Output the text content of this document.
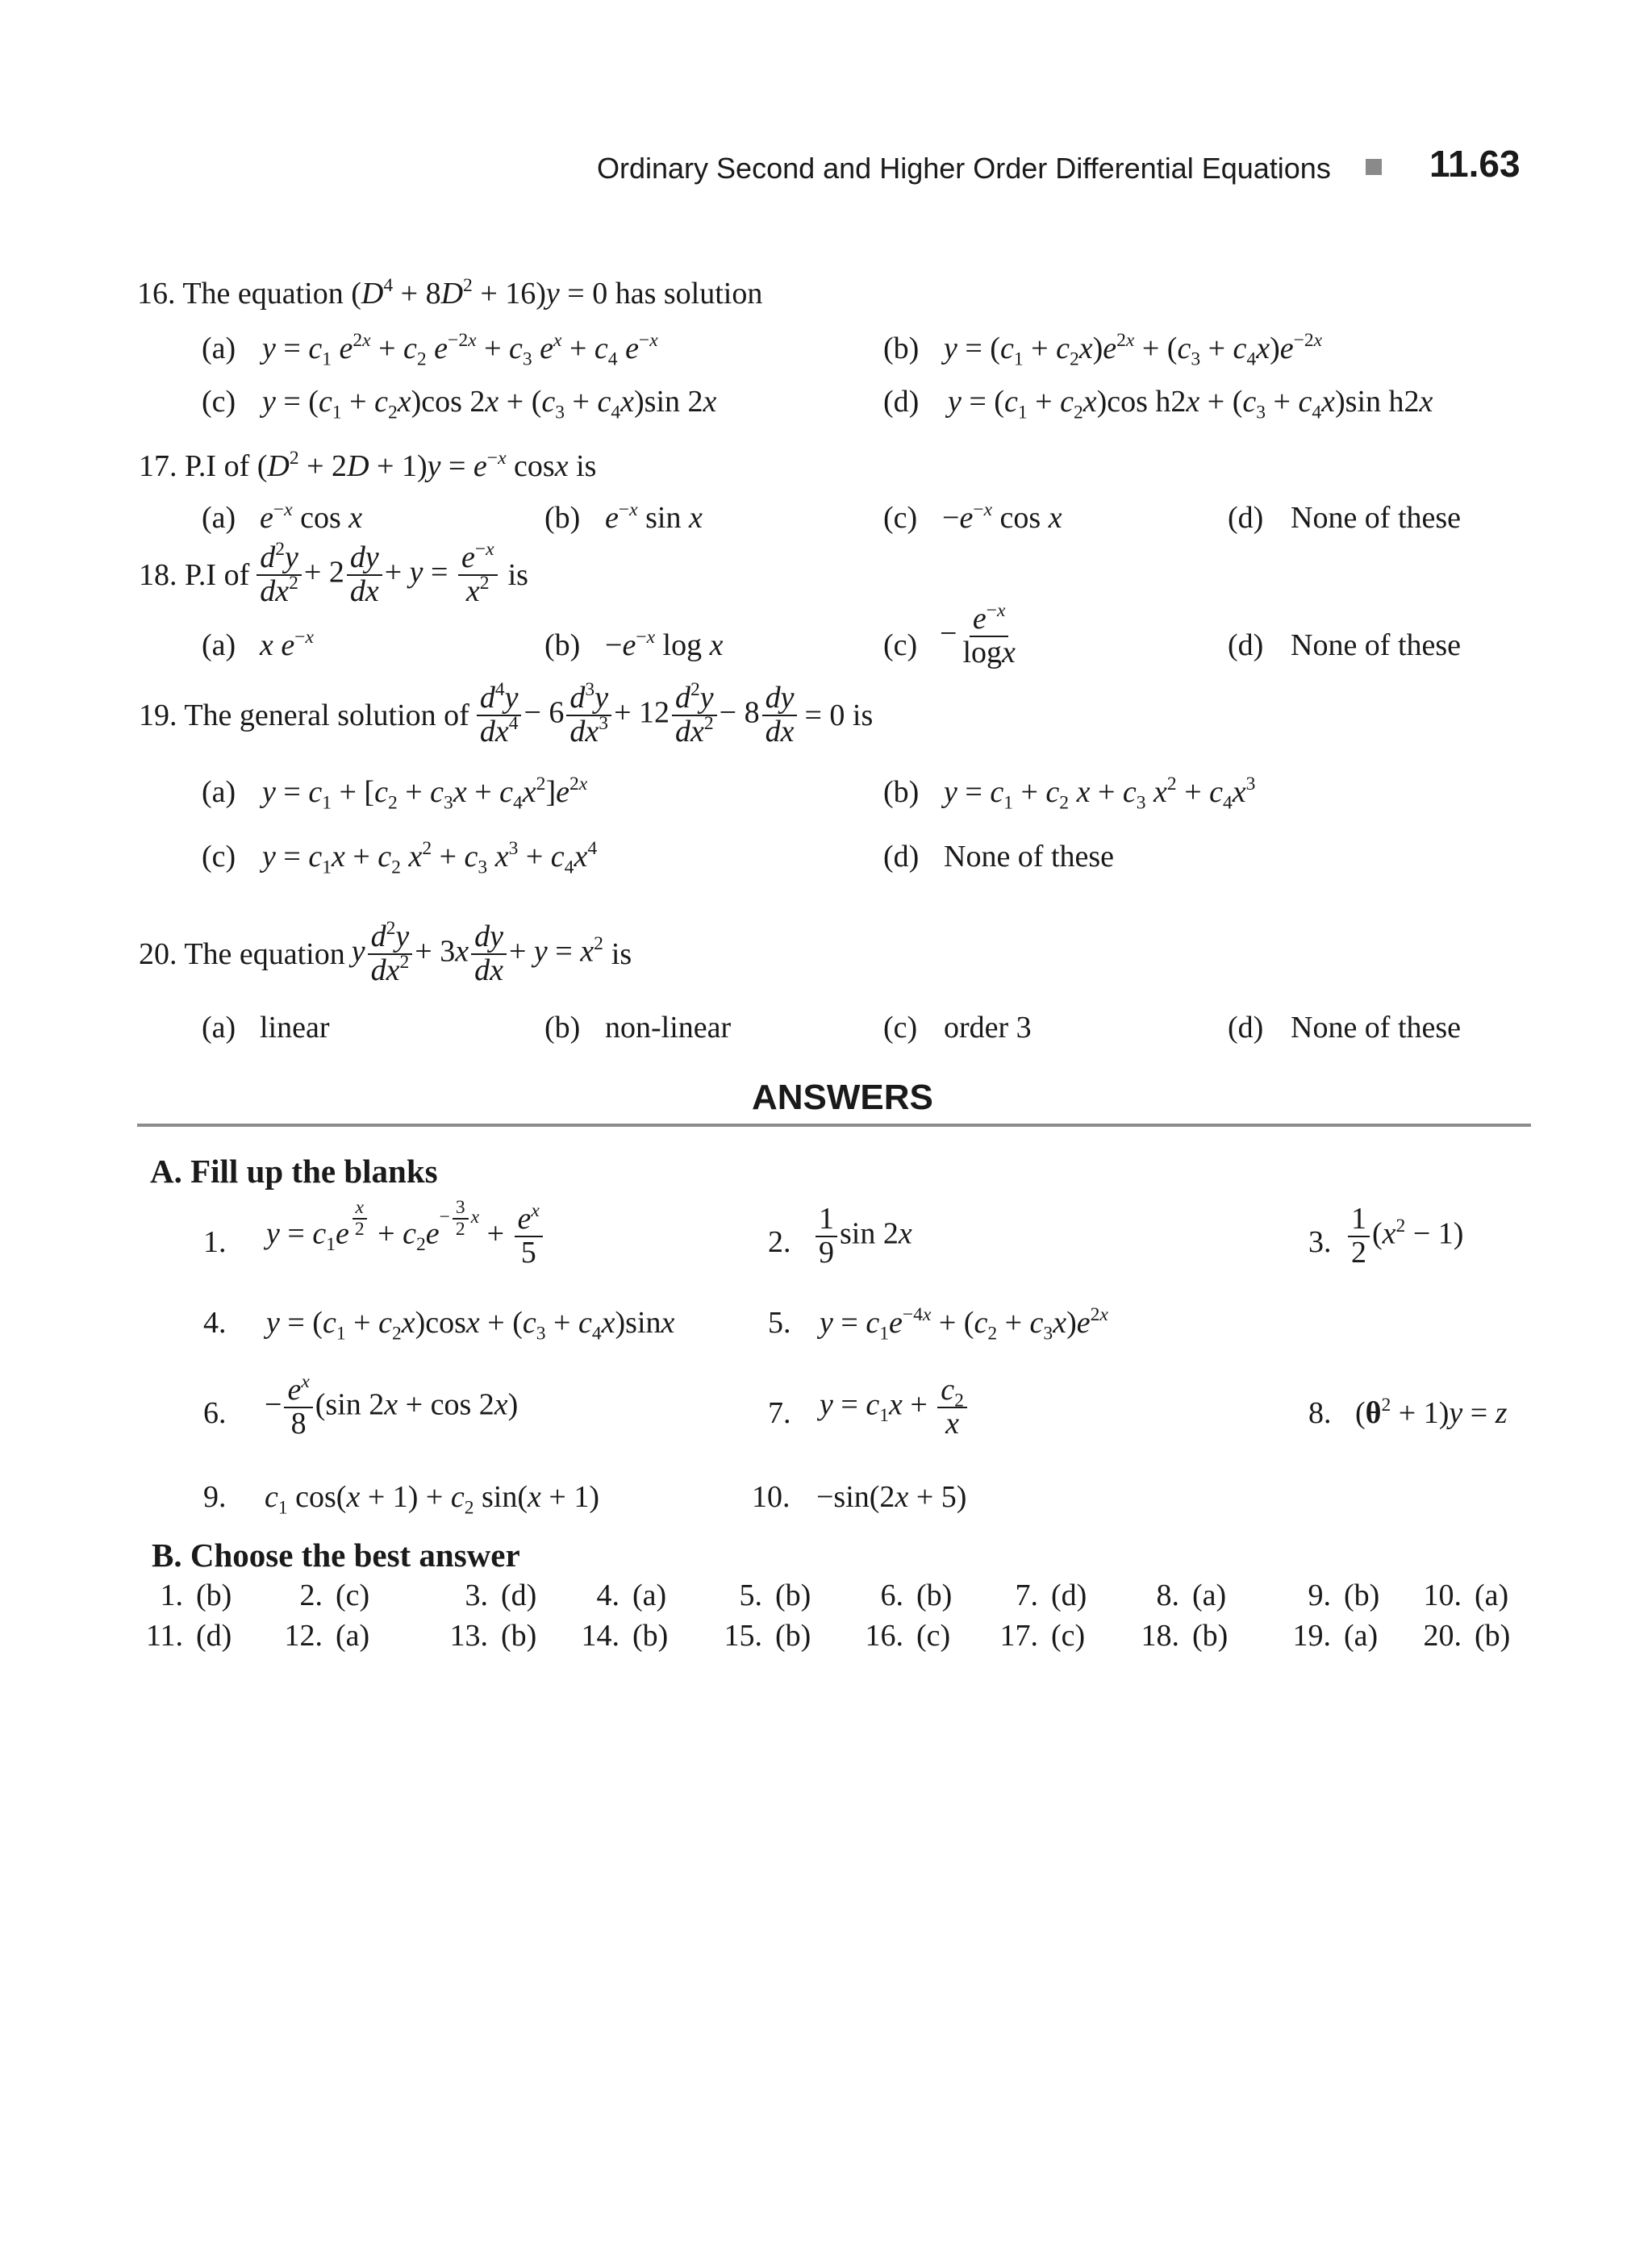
Ordinary Second and Higher Order Differential Equations	11.63
16. The equation $(D^4 + 8D^2 + 16)y = 0$ has solution
(a) $y = c_1$ $e^{2x} + c_2$ $e^{-2x} + c_3$ $e^x + c_4$ $e^{-x}$	(b) $y = (c_1 + c_2x)e^{2x} + (c_3 + c_4x)e^{-2x}$
(c) $y = (c_1 + c_2x)\cos$ $2x + (c_3 + c_4x)\sin$ 2x	(d) $y = (c_1 + c_2x)\cos$ $h2x + (c_3 + c_4x)\sin$ h2x
17. P.I of $(D^2 + 2D + 1)y = e^{-x}$ cosx is
(a) $e^{-x}$ cos x	(b) $e^{-x}$ sin x	$(c) -e^{-x}$ cos x	(d) None of these
18. P.I of $\frac{d^2y}{dx^2} + 2 \frac{dy}{dx} + y = \frac{e^{-x}}{x^2}$ is
(a) x $e^{-x}$	$(b) -e^{-x}$ log x	$(c) - \frac{e^{-x}}{\log x}$	(d) None of these
19. The general solution of $\frac{d^4y}{dx^4} - 6 \frac{d^3y}{dx^3} + 12 \frac{d^2y}{dx^2} - 8 \frac{dy}{dx} = 0$ is
(a) $y = c_1 + [c_2 + c_3x + c_4x^2]e^{2x}$	(b) $y = c_1 + c_2$ $x + c_3$ $x^2 + c_4x^3$
(c) $y = c_1x + c_2$ $x^2 + c_3$ $x^3 + c_4x^4$	(d) None of these
20. The equation y $\frac{d^2y}{dx^2} + 3x \frac{dy}{dx} + y = x^2$ is
(a) linear	(b) non-linear	(c) order 3	(d) None of these
ANSWERS
A. Fill up the blanks
1. $y = c_1e$ $^{\frac{x}{2}} + c_2e^{- \frac{3}{2} x} + \frac{e^x}{5}$	2. $\frac{1}{9}$ sin 2x	3. $\frac{1}{2} (x^2 - 1)$
4. $y = (c_1 + c_2x)\cos x + (c_3 + c_4x)\sin x$	5. $y = c_1e^{-4x} + (c_2 + c_3x)e^{2x}$
6. − $\frac{e^x}{8} (\sin$ 2x + cos 2x)	7. $y = c_1x + \frac{c_2}{x}$	8. $(\theta^2 + 1)y = z$
9. $c_1$ $\cos(x + 1) + c_2$ sin(x + 1)	10. −sin(2x + 5)
B. Choose the best answer
1. (b) 2. (c)	3. (d) 4. (a) 5. (b) 6. (b) 7. (d) 8. (a)	9. (b) 10. (a)
11. (d) 12. (a)	13. (b) 14. (b) 15. (b) 16. (c) 17. (c) 18. (b) 19. (a) 20. (b)
